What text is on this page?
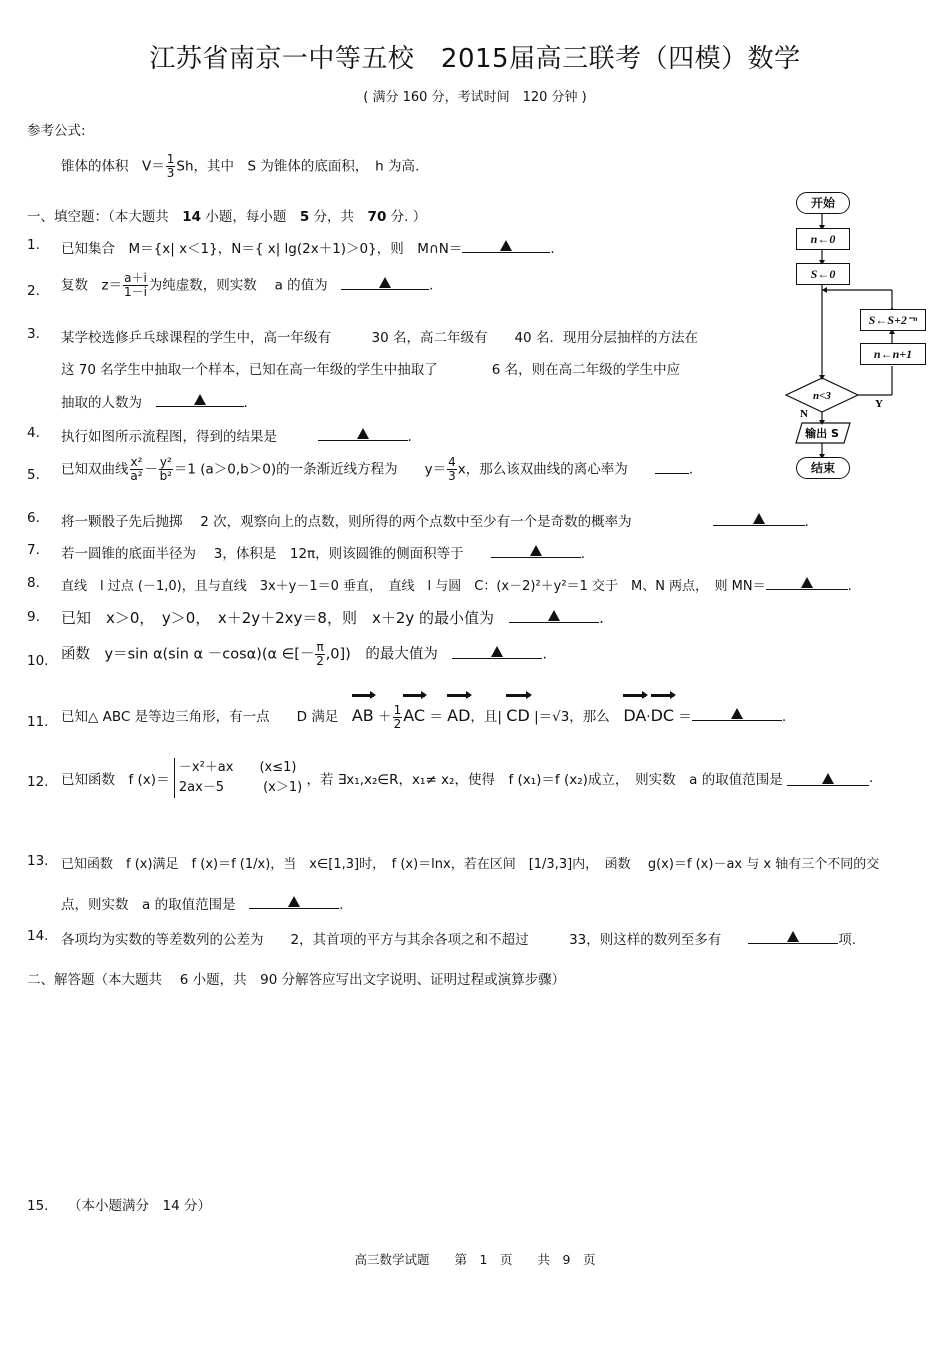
江苏省南京一中等五校　2015届高三联考（四模）数学
( 满分 160 分，考试时间　120 分钟 )
参考公式:
锥体的体积　$V= \frac{1}{3}$ Sh，其中　S 为锥体的底面积，　h 为高.
一、填空题：（本大题共　14 小题，每小题　5 分，共　70 分. ）
1. 已知集合　M＝{x| x＜1}，N＝{ x| lg(2x＋1)＞0}，则　M∩N＝	.
2. 复数　$z= \frac{a+i}{1-i}$ 为纯虚数，则实数　 a 的值为　	.
3. 某学校选修乒乓球课程的学生中，高一年级有　　　30 名，高二年级有　　40 名．现用分层抽样的方法在
这 70 名学生中抽取一个样本，已知在高一年级的学生中抽取了　　　　6 名，则在高二年级的学生中应
抽取的人数为　	.
4. 执行如图所示流程图，得到的结果是　　　	.
5. 已知双曲线 $\frac{\text{x²}}{\text{a²}} - \frac{\text{y²}}{\text{b²}} =1$ (a＞0,b＞0)的一条渐近线方程为　　$y= \frac{4}{3}$ x，那么该双曲线的离心率为　　	.
6. 将一颗骰子先后抛掷　 2 次，观察向上的点数，则所得的两个点数中至少有一个是奇数的概率为　　　　　　	.
7. 若一圆锥的底面半径为　 3，体积是　12π，则该圆锥的侧面积等于　　	.
8. 直线　l 过点 (－1,0)，且与直线　3x＋y－1＝0 垂直，　直线　l 与圆　C：(x－2)²＋y²＝1 交于　M、N 两点，　则 MN＝	.
9. 已知　x＞0，　y＞0，　x＋2y＋2xy＝8，则　x＋2y 的最小值为　	.
10. 函数　y＝sin α(sin α －cosα)(α ∈[－ $\frac{\pi}{2} ,0$])　的最大值为　	.
11. 已知△ ABC 是等边三角形，有一点　　D 满足　 AB ＋ $\frac{1}{2}$ AC ＝ AD，且| CD |＝√3，那么　 DA·DC ＝	.
12. 已知函数　f (x)＝
－x²＋ax　　(x≤1)
2ax－5　　　(x＞1) ，若 ∃x₁,x₂∈R，x₁≠ x₂，使得　f (x₁)＝f (x₂)成立，　则实数　a 的取值范围是	.
13. 已知函数　f (x)满足　f (x)＝f (1/x)，当　x∈[1,3]时，　f (x)＝lnx，若在区间　[1/3,3]内，　函数　 g(x)＝f (x)－ax 与 x 轴有三个不同的交
点，则实数　a 的取值范围是　	.
14. 各项均为实数的等差数列的公差为　　2，其首项的平方与其余各项之和不超过　　　33，则这样的数列至多有　　	项.
二、解答题（本大题共　 6 小题，共　90 分解答应写出文字说明、证明过程或演算步骤）
15. （本小题满分　14 分）
n<3
输出 S
N
Y
开始
n←0
S←0
S←S+2⁻ⁿ
n←n+1
结束
高三数学试题　　第　1　页　　共　9　页
